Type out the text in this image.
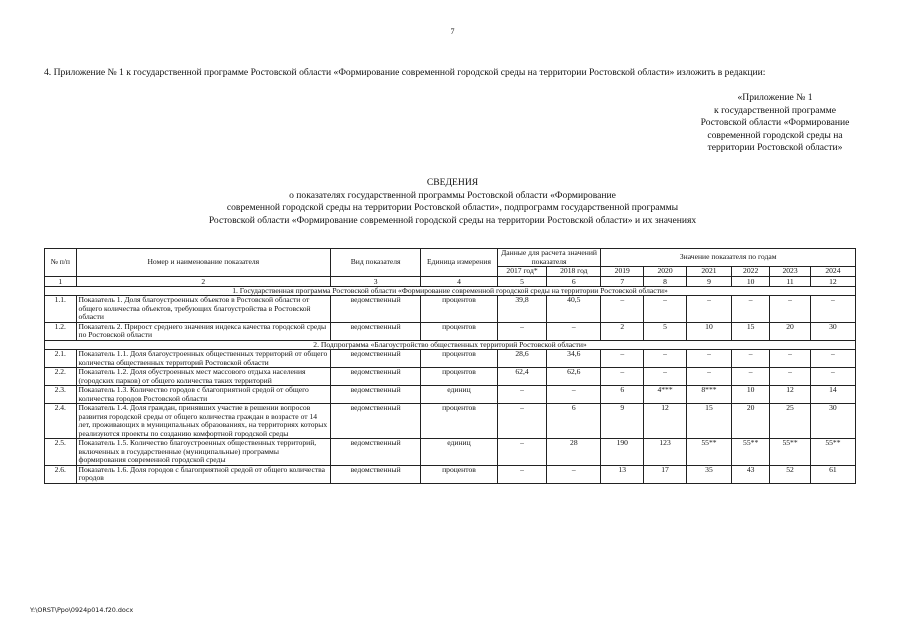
7
4. Приложение № 1 к государственной программе Ростовской области «Формирование современной городской среды на территории Ростовской области» изложить в редакции:
«Приложение № 1
к государственной программе
Ростовской области «Формирование
современной городской среды на
территории Ростовской области»
СВЕДЕНИЯ
о показателях государственной программы Ростовской области «Формирование
современной городской среды на территории Ростовской области», подпрограмм государственной программы
Ростовской области «Формирование современной городской среды на территории Ростовской области» и их значениях
№ п/п	Номер и наименование показателя	Вид показателя	Единица измерения	Данные для расчета значений показателя		Значение показателя по годам					
				2017 год*	2018 год	2019	2020	2021	2022	2023	2024
1	2	3	4	5	6	7	8	9	10	11	12
1. Государственная программа Ростовской области «Формирование современной городской среды на территории Ростовской области»											
1.1.	Показатель 1. Доля благоустроенных объектов в Ростовской области от общего количества объектов, требующих благоустройства в Ростовской области	ведомственный	процентов	39,8	40,5	–	–	–	–	–	–
1.2.	Показатель 2. Прирост среднего значения индекса качества городской среды по Ростовской области	ведомственный	процентов	–	–	2	5	10	15	20	30
2. Подпрограмма «Благоустройство общественных территорий Ростовской области»											
2.1.	Показатель 1.1. Доля благоустроенных общественных территорий от общего количества общественных территорий Ростовской области	ведомственный	процентов	28,6	34,6	–	–	–	–	–	–
2.2.	Показатель 1.2. Доля обустроенных мест массового отдыха населения (городских парков) от общего количества таких территорий	ведомственный	процентов	62,4	62,6	–	–	–	–	–	–
2.3.	Показатель 1.3. Количество городов с благоприятной средой от общего количества городов Ростовской области	ведомственный	единиц	–	–	6	4***	8***	10	12	14
2.4.	Показатель 1.4. Доля граждан, принявших участие в решении вопросов развития городской среды от общего количества граждан в возрасте от 14 лет, проживающих в муниципальных образованиях, на территориях которых реализуются проекты по созданию комфортной городской среды	ведомственный	процентов	–	6	9	12	15	20	25	30
2.5.	Показатель 1.5. Количество благоустроенных общественных территорий, включенных в государственные (муниципальные) программы формирования современной городской среды	ведомственный	единиц	–	28	190	123	55**	55**	55**	55**
2.6.	Показатель 1.6. Доля городов с благоприятной средой от общего количества городов	ведомственный	процентов	–	–	13	17	35	43	52	61
Y:\ORST\Ppo\0924p014.f20.docx
